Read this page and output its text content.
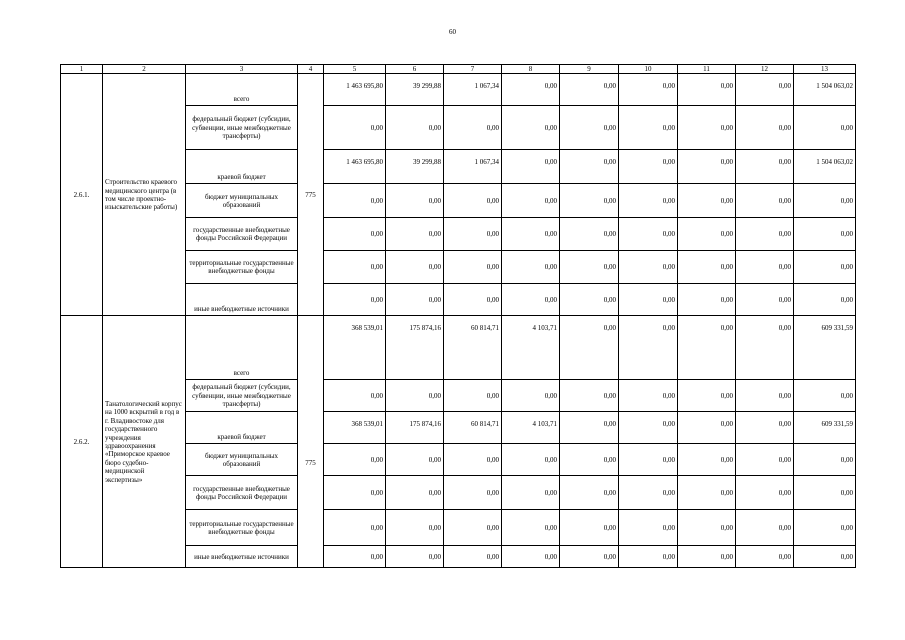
60
1	2	3	4	5	6	7	8	9	10	11	12	13
2.6.1.	Строительство краевого медицинского центра (в том числе проектно-изыскательские работы)	всего	775	1 463 695,80	39 299,88	1 067,34	0,00	0,00	0,00	0,00	0,00	1 504 063,02
		федеральный бюджет (субсидии, субвенции, иные межбюджетные трансферты)		0,00	0,00	0,00	0,00	0,00	0,00	0,00	0,00	0,00
		краевой бюджет		1 463 695,80	39 299,88	1 067,34	0,00	0,00	0,00	0,00	0,00	1 504 063,02
		бюджет муниципальных образований		0,00	0,00	0,00	0,00	0,00	0,00	0,00	0,00	0,00
		государственные внебюджетные фонды Российской Федерации		0,00	0,00	0,00	0,00	0,00	0,00	0,00	0,00	0,00
		территориальные государственные внебюджетные фонды		0,00	0,00	0,00	0,00	0,00	0,00	0,00	0,00	0,00
		иные внебюджетные источники		0,00	0,00	0,00	0,00	0,00	0,00	0,00	0,00	0,00
2.6.2.	Танатологический корпус на 1000 вскрытий в год в г. Владивостоке для государственного учреждения здравоохранения «Приморское краевое бюро судебно-медицинской экспертизы»	всего	775	368 539,01	175 874,16	60 814,71	4 103,71	0,00	0,00	0,00	0,00	609 331,59
		федеральный бюджет (субсидии, субвенции, иные межбюджетные трансферты)		0,00	0,00	0,00	0,00	0,00	0,00	0,00	0,00	0,00
		краевой бюджет		368 539,01	175 874,16	60 814,71	4 103,71	0,00	0,00	0,00	0,00	609 331,59
		бюджет муниципальных образований		0,00	0,00	0,00	0,00	0,00	0,00	0,00	0,00	0,00
		государственные внебюджетные фонды Российской Федерации		0,00	0,00	0,00	0,00	0,00	0,00	0,00	0,00	0,00
		территориальные государственные внебюджетные фонды		0,00	0,00	0,00	0,00	0,00	0,00	0,00	0,00	0,00
		иные внебюджетные источники		0,00	0,00	0,00	0,00	0,00	0,00	0,00	0,00	0,00
